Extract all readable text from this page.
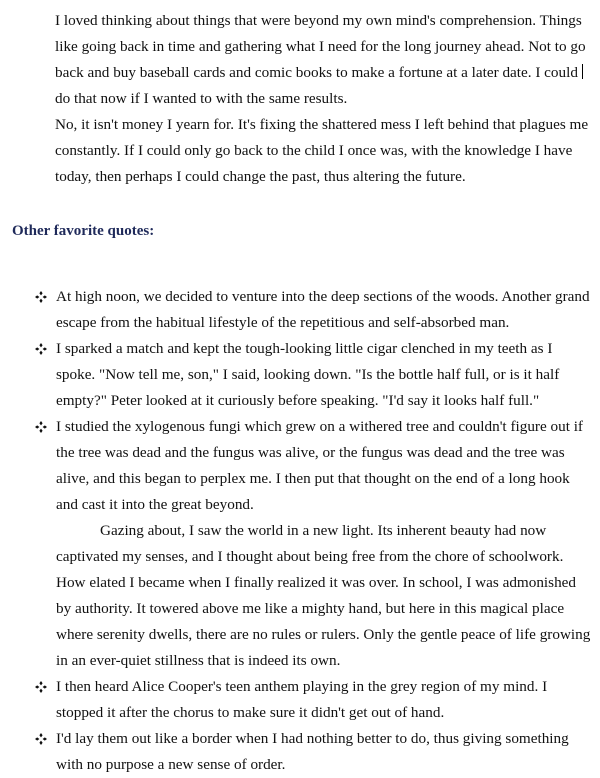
I loved thinking about things that were beyond my own mind's comprehension. Things like going back in time and gathering what I need for the long journey ahead. Not to go back and buy baseball cards and comic books to make a fortune at a later date. I could do that now if I wanted to with the same results.

No, it isn't money I yearn for. It's fixing the shattered mess I left behind that plagues me constantly. If I could only go back to the child I once was, with the knowledge I have today, then perhaps I could change the past, thus altering the future.

Other favorite quotes:

At high noon, we decided to venture into the deep sections of the woods. Another grand escape from the habitual lifestyle of the repetitious and self-absorbed man.

I sparked a match and kept the tough-looking little cigar clenched in my teeth as I spoke. "Now tell me, son," I said, looking down. "Is the bottle half full, or is it half empty?" Peter looked at it curiously before speaking. "I'd say it looks half full."

I studied the xylogenous fungi which grew on a withered tree and couldn't figure out if the tree was dead and the fungus was alive, or the fungus was dead and the tree was alive, and this began to perplex me. I then put that thought on the end of a long hook and cast it into the great beyond.

Gazing about, I saw the world in a new light. Its inherent beauty had now captivated my senses, and I thought about being free from the chore of schoolwork. How elated I became when I finally realized it was over. In school, I was admonished by authority. It towered above me like a mighty hand, but here in this magical place where serenity dwells, there are no rules or rulers. Only the gentle peace of life growing in an ever-quiet stillness that is indeed its own.

I then heard Alice Cooper's teen anthem playing in the grey region of my mind. I stopped it after the chorus to make sure it didn't get out of hand.

I'd lay them out like a border when I had nothing better to do, thus giving something with no purpose a new sense of order.
